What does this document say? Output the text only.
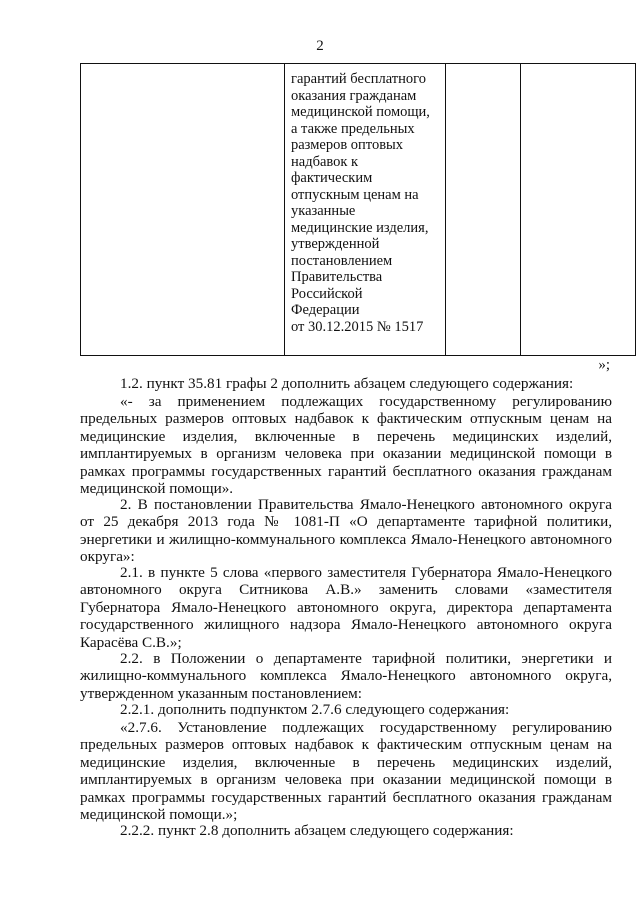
2

гарантий бесплатного
оказания гражданам
медицинской помощи,
а также предельных
размеров оптовых
надбавок к
фактическим
отпускным ценам на
указанные
медицинские изделия,
утвержденной
постановлением
Правительства
Российской
Федерации
от 30.12.2015 № 1517

»;
1.2. пункт 35.81 графы 2 дополнить абзацем следующего содержания:
«- за применением подлежащих государственному регулированию предельных размеров оптовых надбавок к фактическим отпускным ценам на медицинские изделия, включенные в перечень медицинских изделий, имплантируемых в организм человека при оказании медицинской помощи в рамках программы государственных гарантий бесплатного оказания гражданам медицинской помощи».
2. В постановлении Правительства Ямало-Ненецкого автономного округа от 25 декабря 2013 года № 1081-П «О департаменте тарифной политики, энергетики и жилищно-коммунального комплекса Ямало-Ненецкого автономного округа»:
2.1. в пункте 5 слова «первого заместителя Губернатора Ямало-Ненецкого автономного округа Ситникова А.В.» заменить словами «заместителя Губернатора Ямало-Ненецкого автономного округа, директора департамента государственного жилищного надзора Ямало-Ненецкого автономного округа Карасёва С.В.»;
2.2. в Положении о департаменте тарифной политики, энергетики и жилищно-коммунального комплекса Ямало-Ненецкого автономного округа, утвержденном указанным постановлением:
2.2.1. дополнить подпунктом 2.7.6 следующего содержания:
«2.7.6. Установление подлежащих государственному регулированию предельных размеров оптовых надбавок к фактическим отпускным ценам на медицинские изделия, включенные в перечень медицинских изделий, имплантируемых в организм человека при оказании медицинской помощи в рамках программы государственных гарантий бесплатного оказания гражданам медицинской помощи.»;
2.2.2. пункт 2.8 дополнить абзацем следующего содержания:
